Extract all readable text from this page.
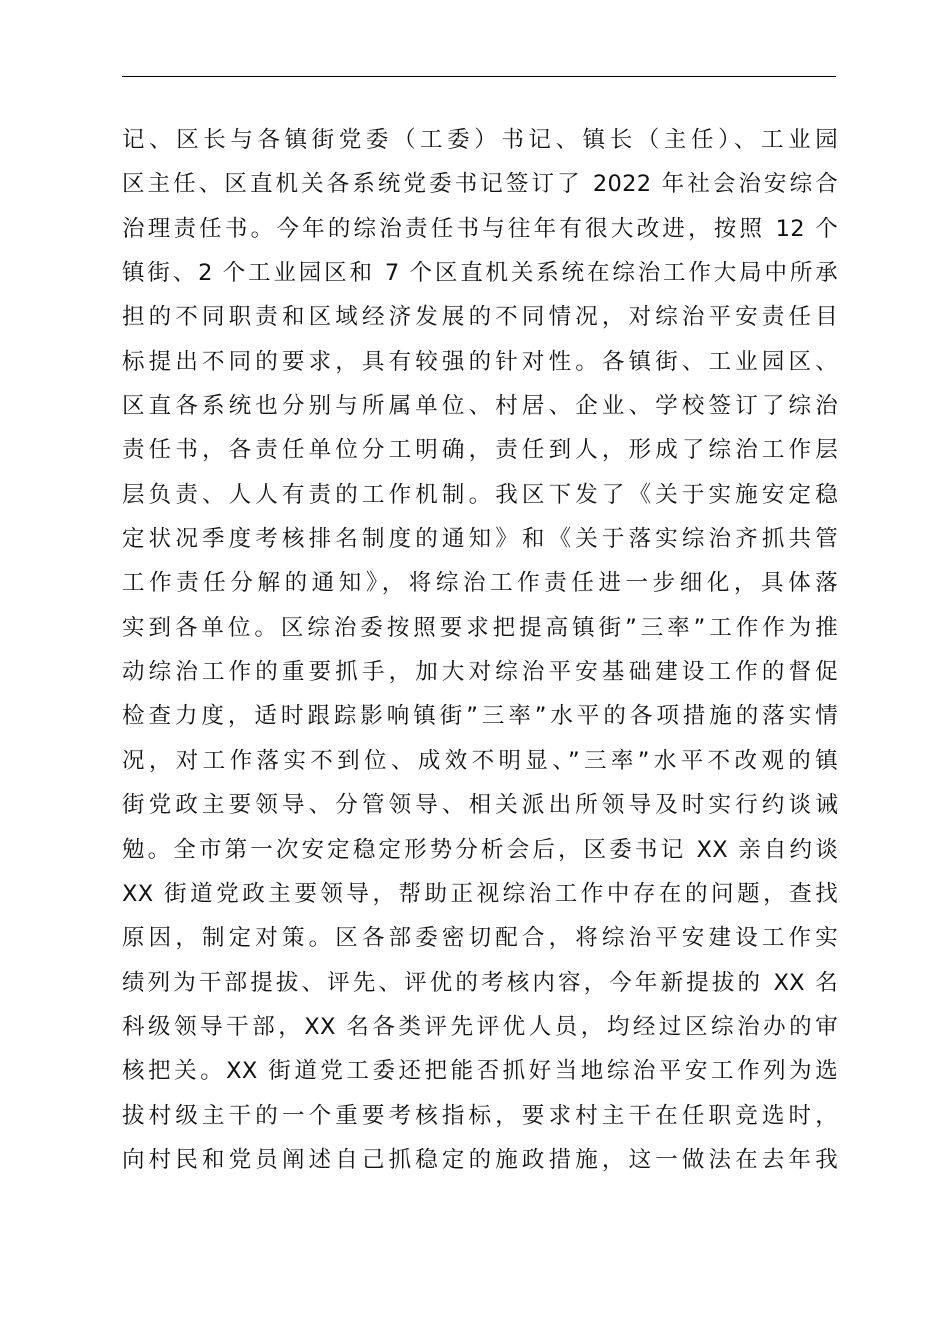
记、区长与各镇街党委（工委）书记、镇长（主任）、工业园
区主任、区直机关各系统党委书记签订了 2022 年社会治安综合
治理责任书。今年的综治责任书与往年有很大改进，按照 12 个
镇街、2 个工业园区和 7 个区直机关系统在综治工作大局中所承
担的不同职责和区域经济发展的不同情况，对综治平安责任目
标提出不同的要求，具有较强的针对性。各镇街、工业园区、
区直各系统也分别与所属单位、村居、企业、学校签订了综治
责任书，各责任单位分工明确，责任到人，形成了综治工作层
层负责、人人有责的工作机制。我区下发了《关于实施安定稳
定状况季度考核排名制度的通知》和《关于落实综治齐抓共管
工作责任分解的通知》，将综治工作责任进一步细化，具体落
实到各单位。区综治委按照要求把提高镇街”三率”工作作为推
动综治工作的重要抓手，加大对综治平安基础建设工作的督促
检查力度，适时跟踪影响镇街”三率”水平的各项措施的落实情
况，对工作落实不到位、成效不明显、”三率”水平不改观的镇
街党政主要领导、分管领导、相关派出所领导及时实行约谈诫
勉。全市第一次安定稳定形势分析会后，区委书记 XX 亲自约谈
XX 街道党政主要领导，帮助正视综治工作中存在的问题，查找
原因，制定对策。区各部委密切配合，将综治平安建设工作实
绩列为干部提拔、评先、评优的考核内容，今年新提拔的 XX 名
科级领导干部，XX 名各类评先评优人员，均经过区综治办的审
核把关。XX 街道党工委还把能否抓好当地综治平安工作列为选
拔村级主干的一个重要考核指标，要求村主干在任职竞选时，
向村民和党员阐述自己抓稳定的施政措施，这一做法在去年我
